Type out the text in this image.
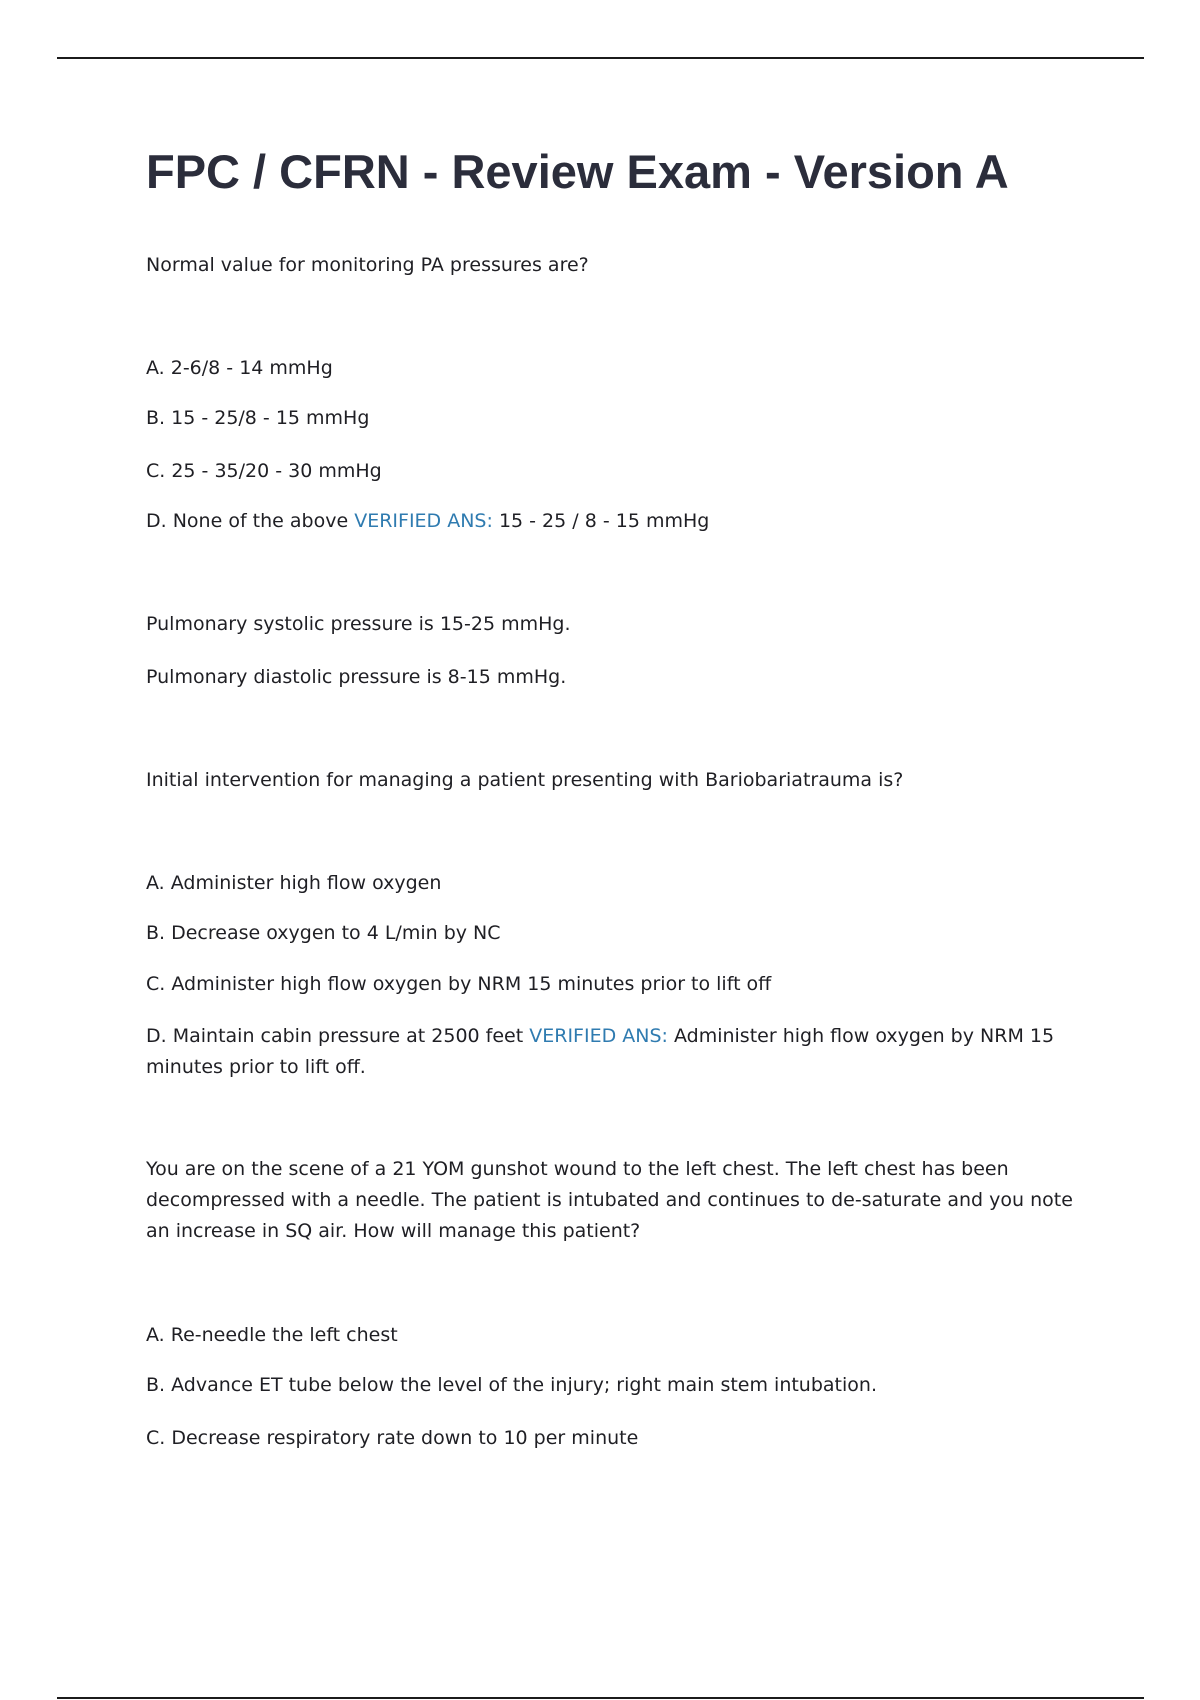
FPC / CFRN - Review Exam - Version A

Normal value for monitoring PA pressures are?

A. 2-6/8 - 14 mmHg

B. 15 - 25/8 - 15 mmHg

C. 25 - 35/20 - 30 mmHg

D. None of the above VERIFIED ANS: 15 - 25 / 8 - 15 mmHg

Pulmonary systolic pressure is 15-25 mmHg.

Pulmonary diastolic pressure is 8-15 mmHg.

Initial intervention for managing a patient presenting with Bariobariatrauma is?

A. Administer high flow oxygen

B. Decrease oxygen to 4 L/min by NC

C. Administer high flow oxygen by NRM 15 minutes prior to lift off

D. Maintain cabin pressure at 2500 feet VERIFIED ANS: Administer high flow oxygen by NRM 15 minutes prior to lift off.

You are on the scene of a 21 YOM gunshot wound to the left chest. The left chest has been decompressed with a needle. The patient is intubated and continues to de-saturate and you note an increase in SQ air. How will manage this patient?

A. Re-needle the left chest

B. Advance ET tube below the level of the injury; right main stem intubation.

C. Decrease respiratory rate down to 10 per minute
